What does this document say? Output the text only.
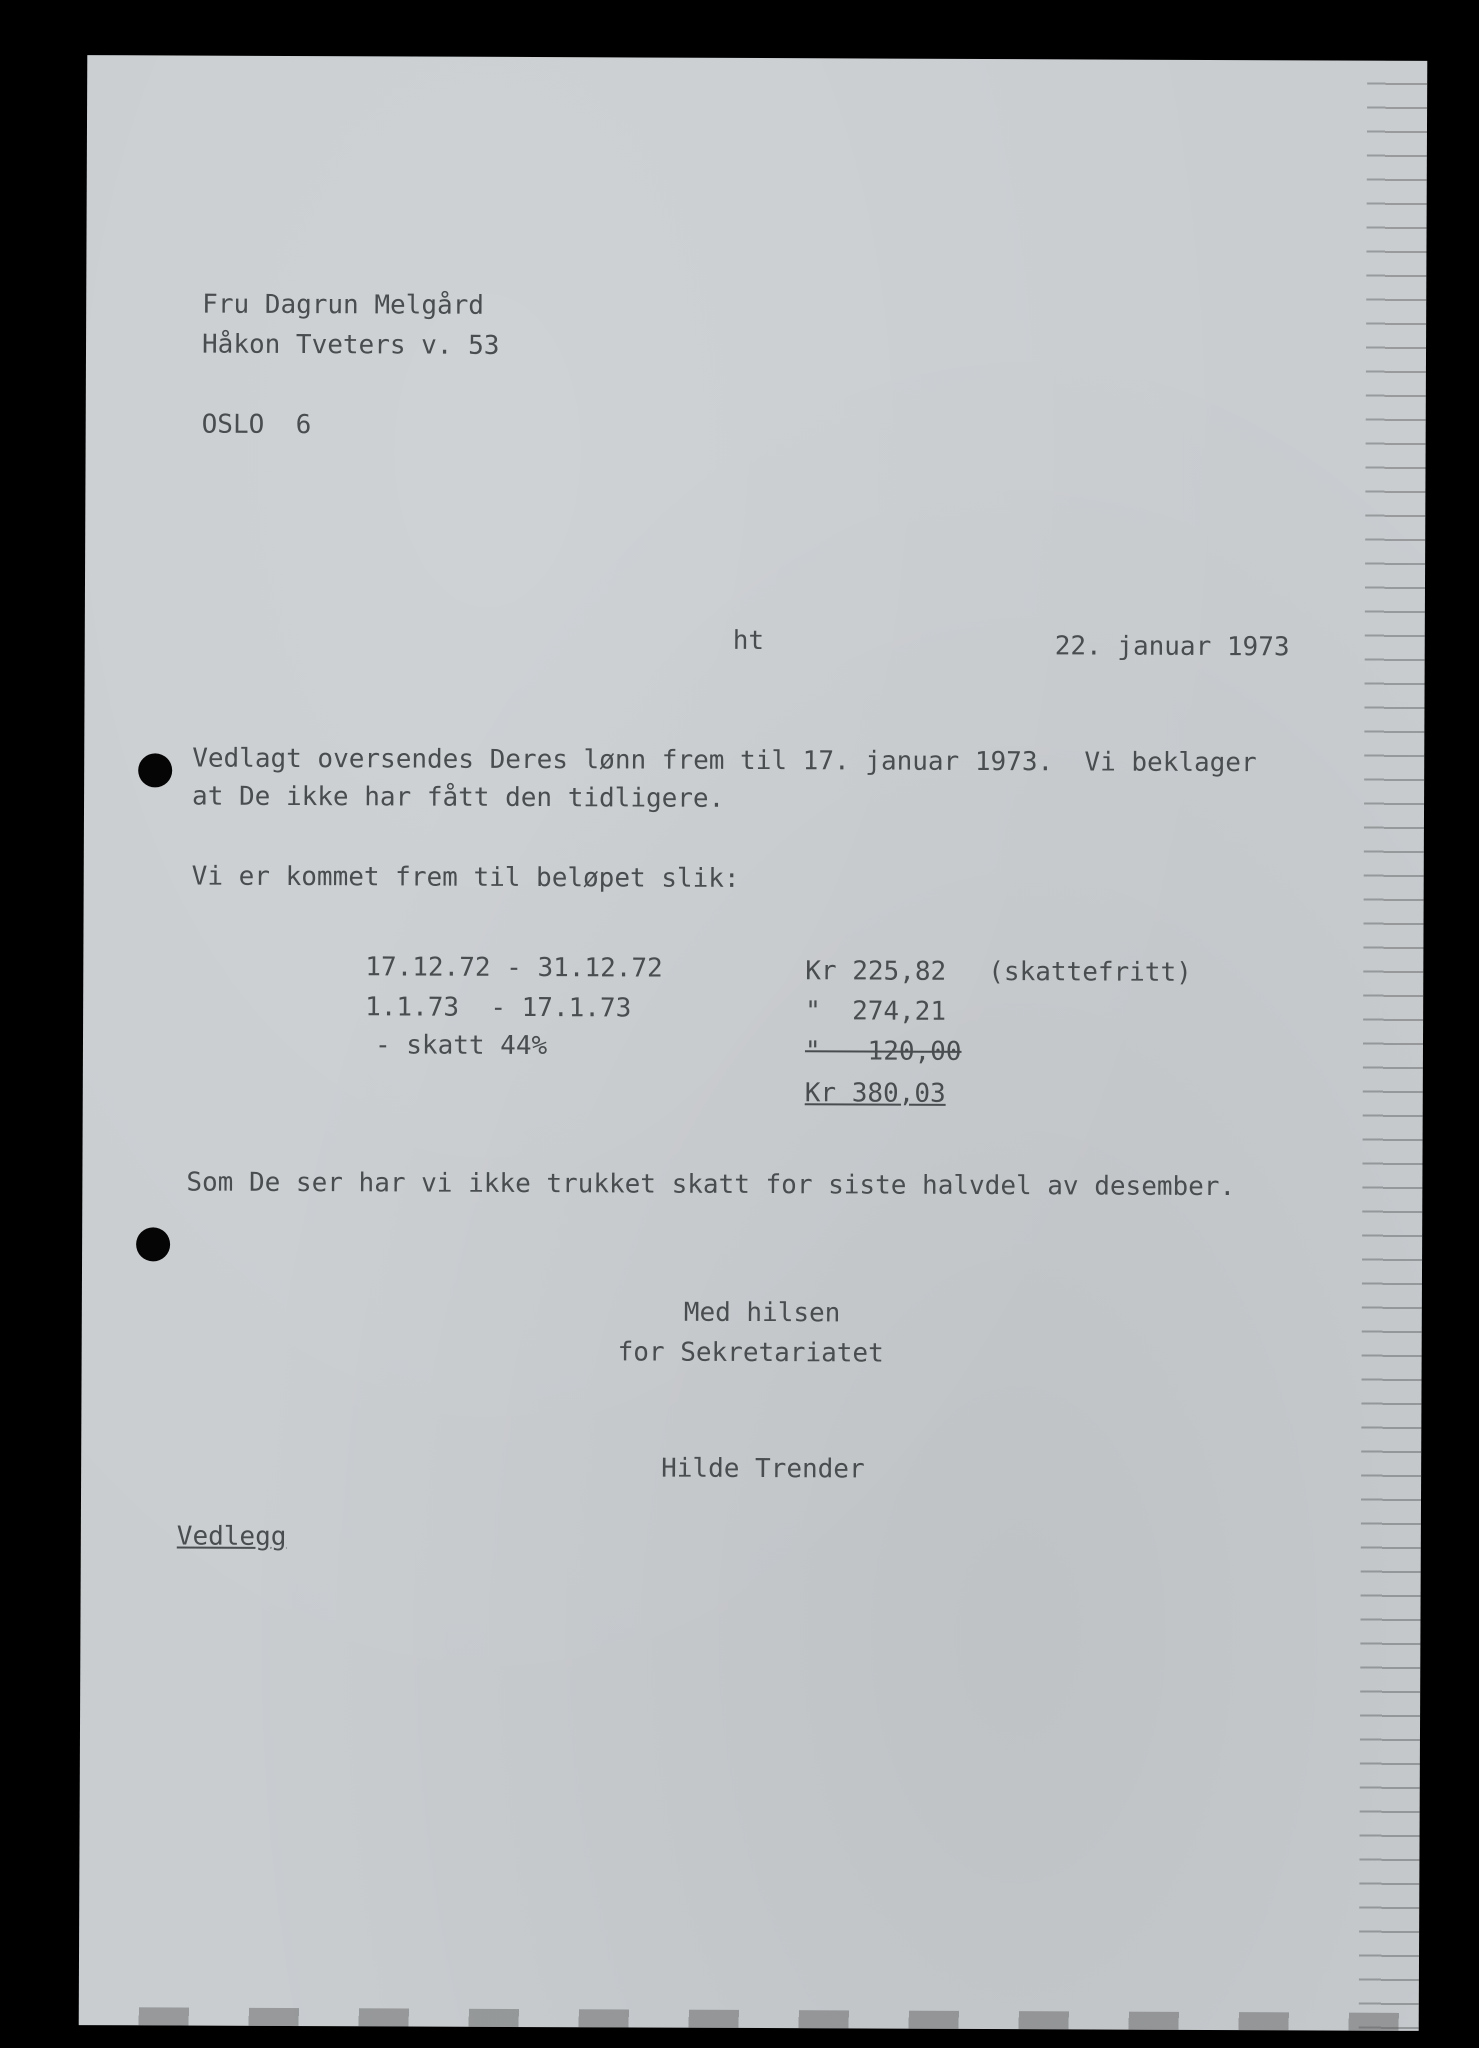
Fru Dagrun Melgård
Håkon Tveters v. 53
OSLO  6
ht	22. januar 1973
Vedlagt oversendes Deres lønn frem til 17. januar 1973.  Vi beklager
at De ikke har fått den tidligere.
Vi er kommet frem til beløpet slik:
17.12.72 - 31.12.72	Kr 225,82 (skattefritt)
1.1.73  - 17.1.73	"  274,21
- skatt 44%	"   120,00
Kr 380,03
Som De ser har vi ikke trukket skatt for siste halvdel av desember.
Med hilsen
for Sekretariatet
Hilde Trender
Vedlegg
